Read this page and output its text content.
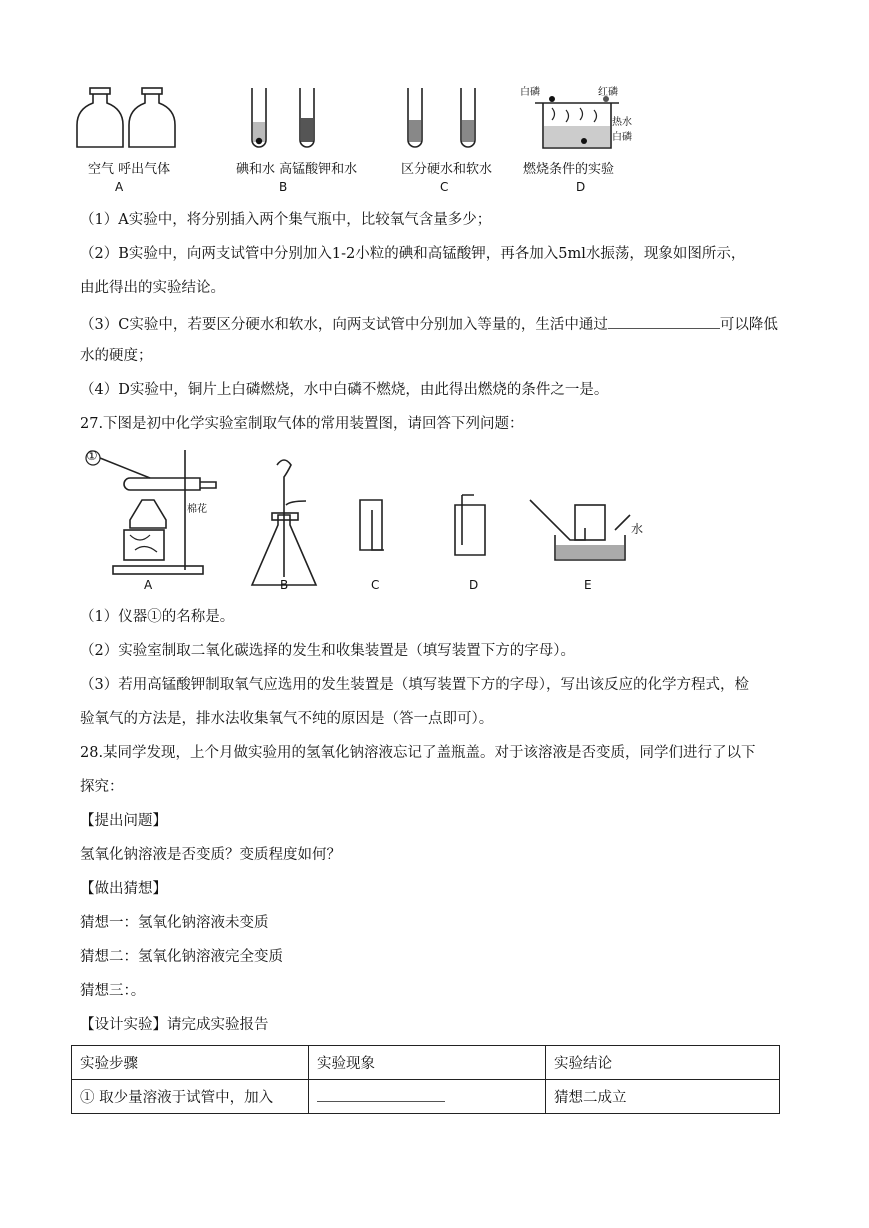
空气 呼出气体	碘和水 高锰酸钾和水	区分硬水和软水 燃烧条件的实验
A	B	C	D
白磷	红磷
热水
白磷
（1）A实验中，将分别插入两个集气瓶中，比较氧气含量多少；
（2）B实验中，向两支试管中分别加入1-2小粒的碘和高锰酸钾，再各加入5ml水振荡，现象如图所示，
由此得出的实验结论。
（3）C实验中，若要区分硬水和软水，向两支试管中分别加入等量的，生活中通过	可以降低
水的硬度；
（4）D实验中，铜片上白磷燃烧，水中白磷不燃烧，由此得出燃烧的条件之一是。
27.下图是初中化学实验室制取气体的常用装置图，请回答下列问题：
①
棉花
水
A	B	C	D	E
（1）仪器①的名称是。
（2）实验室制取二氧化碳选择的发生和收集装置是（填写装置下方的字母）。
（3）若用高锰酸钾制取氧气应选用的发生装置是（填写装置下方的字母），写出该反应的化学方程式，检
验氧气的方法是，排水法收集氧气不纯的原因是（答一点即可）。
28.某同学发现，上个月做实验用的氢氧化钠溶液忘记了盖瓶盖。对于该溶液是否变质，同学们进行了以下
探究：
【提出问题】
氢氧化钠溶液是否变质？变质程度如何？
【做出猜想】
猜想一：氢氧化钠溶液未变质
猜想二：氢氧化钠溶液完全变质
猜想三：。
【设计实验】请完成实验报告
实验步骤	实验现象	实验结论
① 取少量溶液于试管中，加入		猜想二成立
